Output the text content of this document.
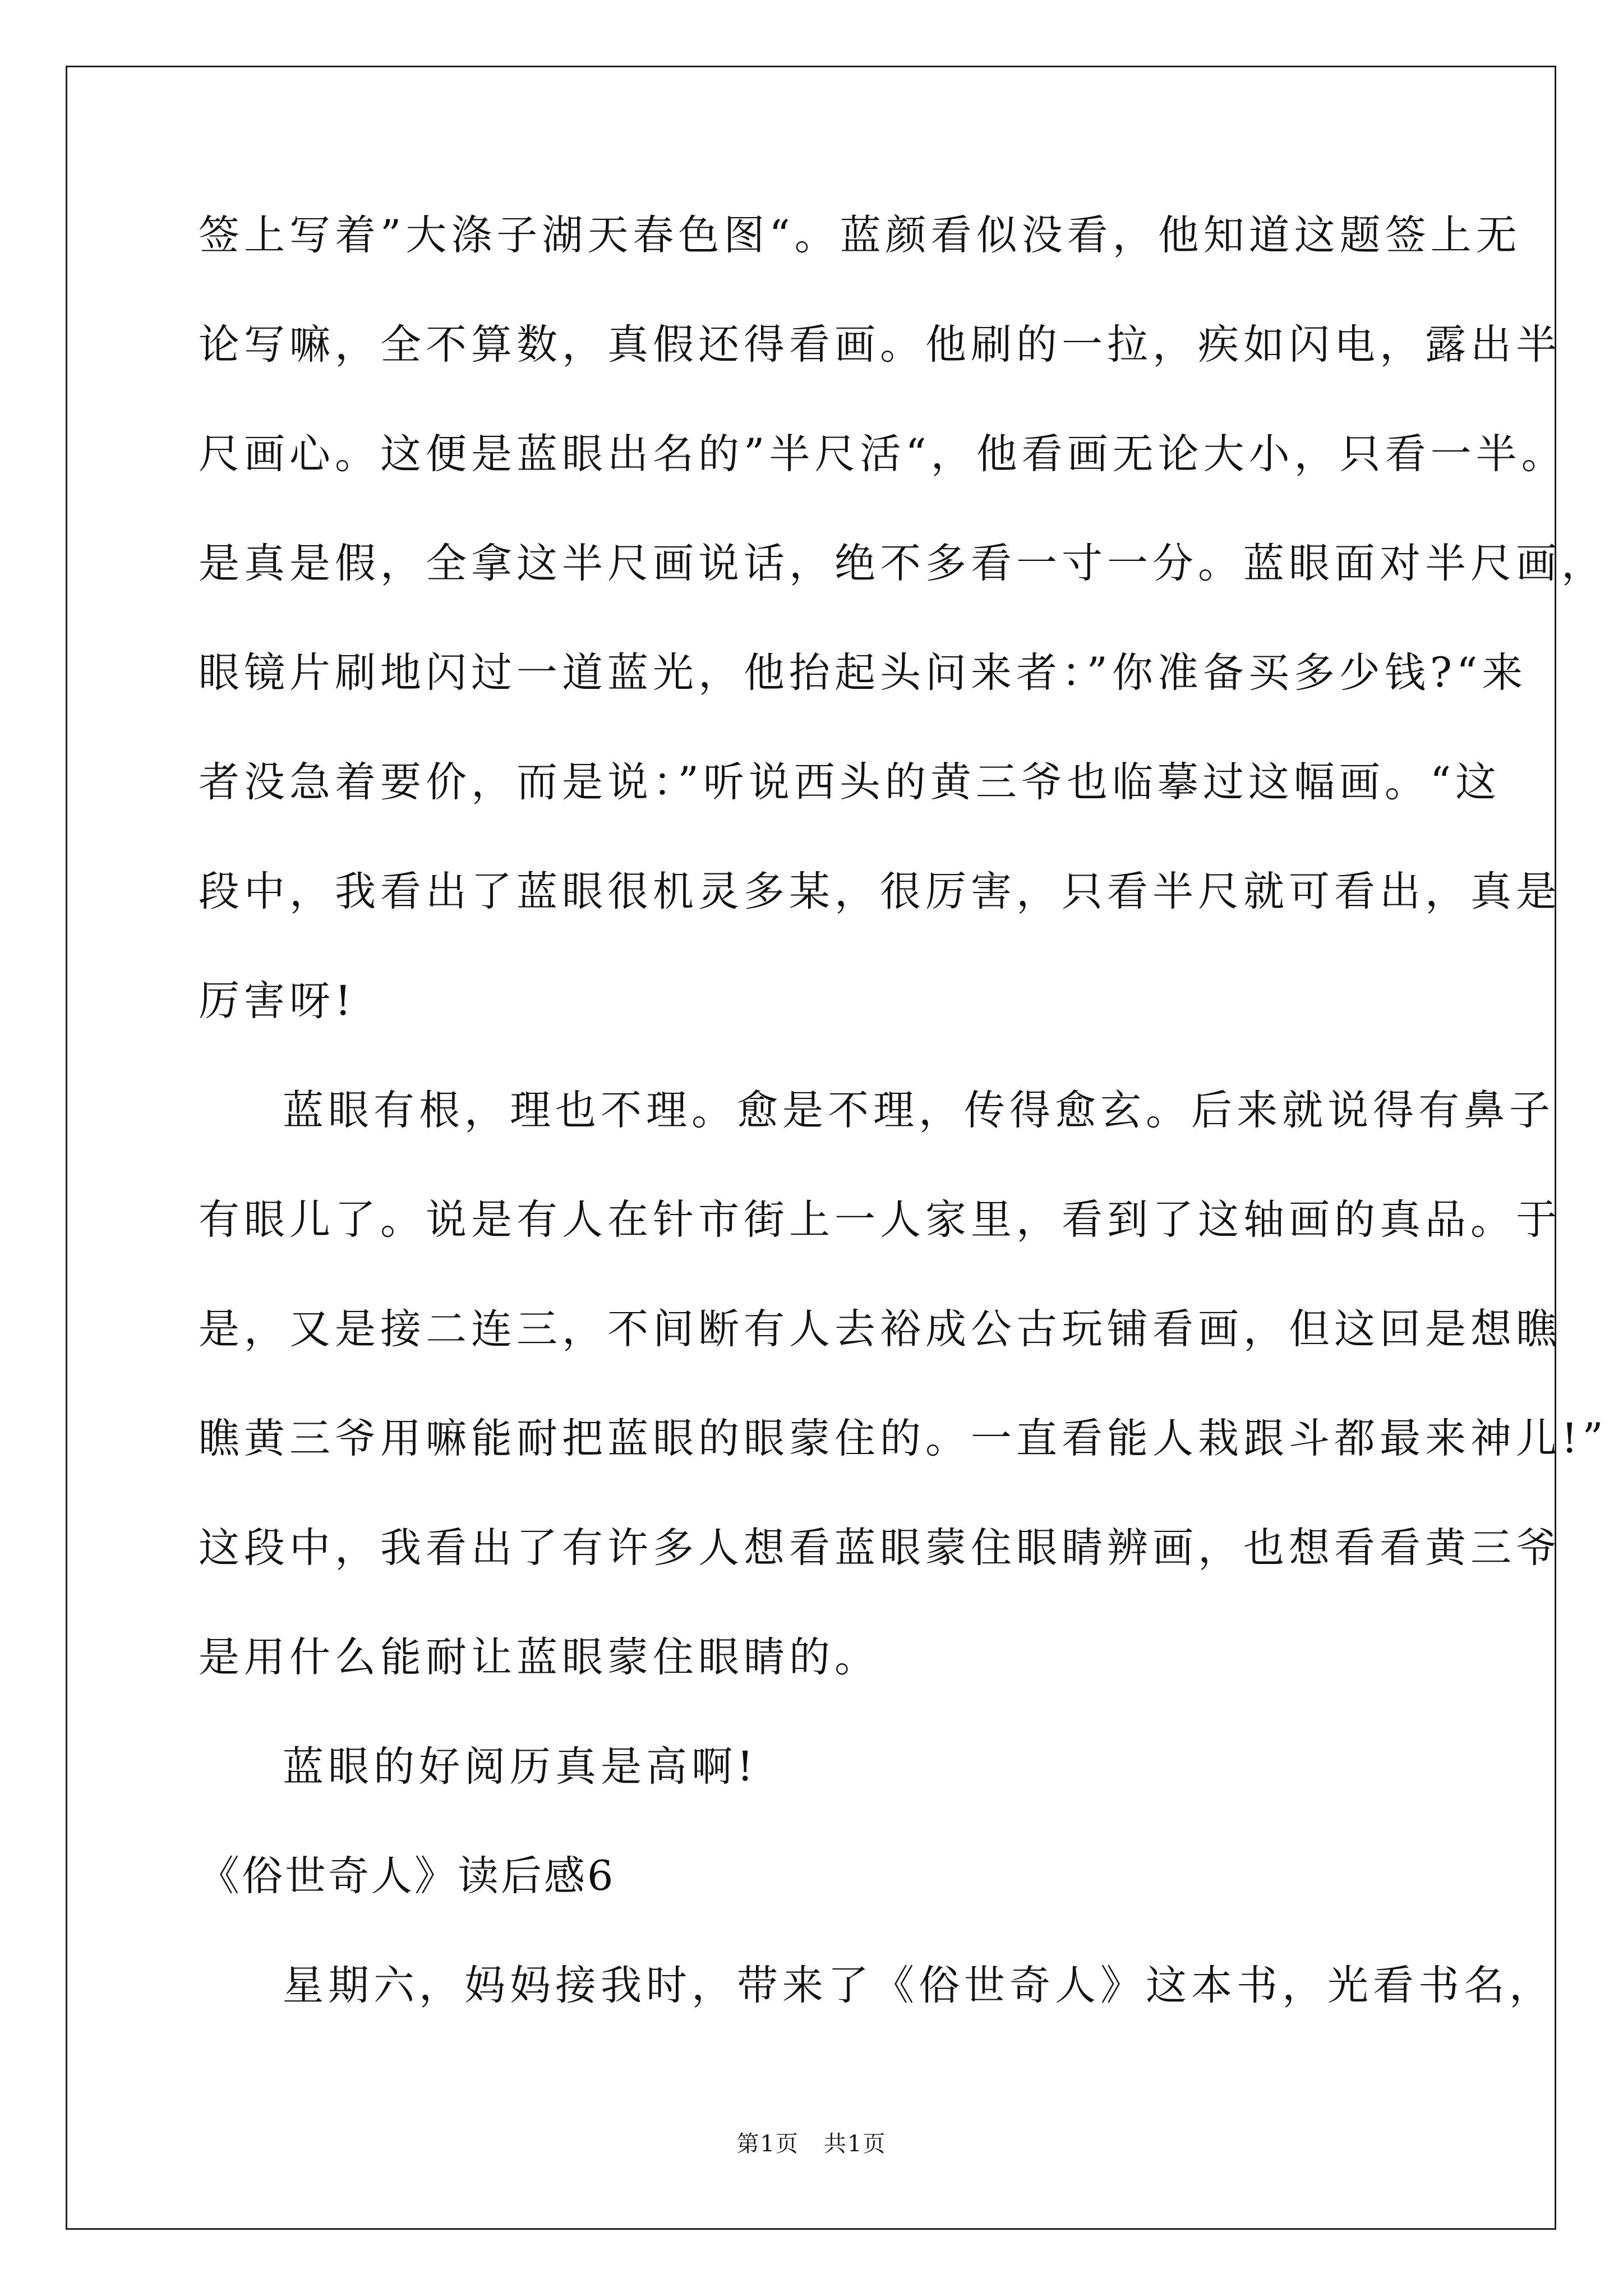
签上写着”大涤子湖天春色图“。蓝颜看似没看，他知道这题签上无
论写嘛，全不算数，真假还得看画。他刷的一拉，疾如闪电，露出半
尺画心。这便是蓝眼出名的”半尺活“，他看画无论大小，只看一半。
是真是假，全拿这半尺画说话，绝不多看一寸一分。蓝眼面对半尺画，
眼镜片刷地闪过一道蓝光，他抬起头问来者：”你准备买多少钱?“来
者没急着要价，而是说：”听说西头的黄三爷也临摹过这幅画。“这
段中，我看出了蓝眼很机灵多某，很厉害，只看半尺就可看出，真是
厉害呀!
蓝眼有根，理也不理。愈是不理，传得愈玄。后来就说得有鼻子
有眼儿了。说是有人在针市街上一人家里，看到了这轴画的真品。于
是，又是接二连三，不间断有人去裕成公古玩铺看画，但这回是想瞧
瞧黄三爷用嘛能耐把蓝眼的眼蒙住的。一直看能人栽跟斗都最来神儿!”
这段中，我看出了有许多人想看蓝眼蒙住眼睛辨画，也想看看黄三爷
是用什么能耐让蓝眼蒙住眼睛的。
蓝眼的好阅历真是高啊!
《俗世奇人》读后感6
星期六，妈妈接我时，带来了《俗世奇人》这本书，光看书名，
第1页   共1页
